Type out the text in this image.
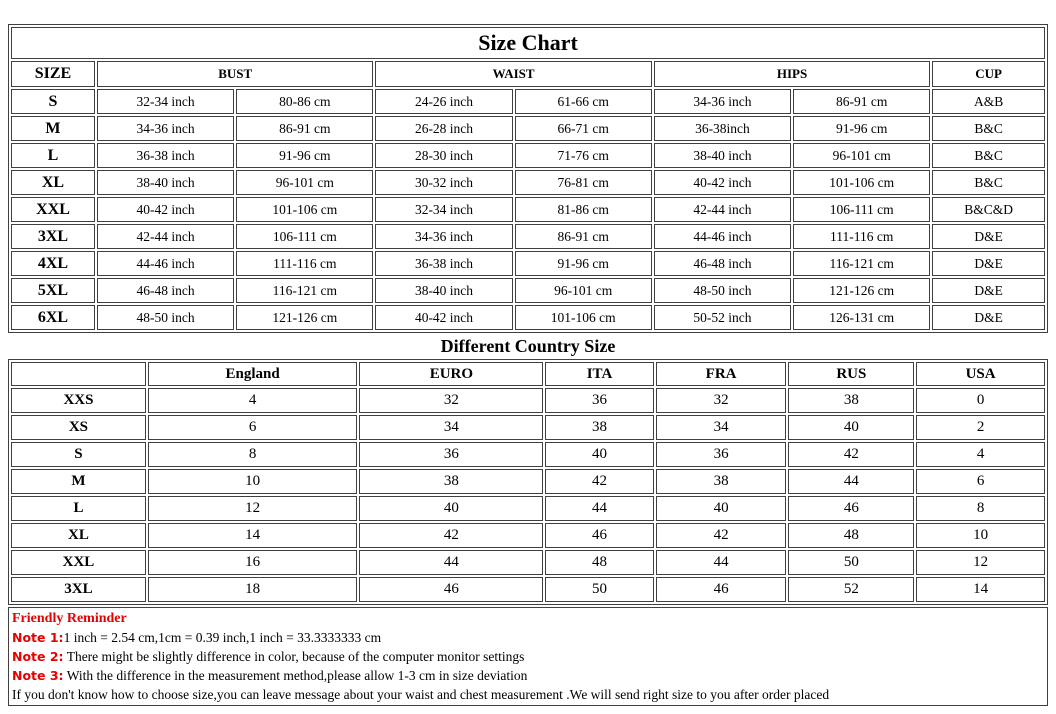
Size Chart							
SIZE	BUST		WAIST		HIPS		CUP
S	32-34 inch	80-86 cm	24-26 inch	61-66 cm	34-36 inch	86-91 cm	A&B
M	34-36 inch	86-91 cm	26-28 inch	66-71 cm	36-38inch	91-96 cm	B&C
L	36-38 inch	91-96 cm	28-30 inch	71-76 cm	38-40 inch	96-101 cm	B&C
XL	38-40 inch	96-101 cm	30-32 inch	76-81 cm	40-42 inch	101-106 cm	B&C
XXL	40-42 inch	101-106 cm	32-34 inch	81-86 cm	42-44 inch	106-111 cm	B&C&D
3XL	42-44 inch	106-111 cm	34-36 inch	86-91 cm	44-46 inch	111-116 cm	D&E
4XL	44-46 inch	111-116 cm	36-38 inch	91-96 cm	46-48 inch	116-121 cm	D&E
5XL	46-48 inch	116-121 cm	38-40 inch	96-101 cm	48-50 inch	121-126 cm	D&E
6XL	48-50 inch	121-126 cm	40-42 inch	101-106 cm	50-52 inch	126-131 cm	D&E
Different Country Size
	England	EURO	ITA	FRA	RUS	USA
XXS	4	32	36	32	38	0
XS	6	34	38	34	40	2
S	8	36	40	36	42	4
M	10	38	42	38	44	6
L	12	40	44	40	46	8
XL	14	42	46	42	48	10
XXL	16	44	48	44	50	12
3XL	18	46	50	46	52	14
Friendly Reminder
Note 1:1 inch = 2.54 cm,1cm = 0.39 inch,1 inch = 33.3333333 cm
Note 2: There might be slightly difference in color, because of the computer monitor settings
Note 3: With the difference in the measurement method,please allow 1-3 cm in size deviation
If you don't know how to choose size,you can leave message about your waist and chest measurement .We will send right size to you after order placed
